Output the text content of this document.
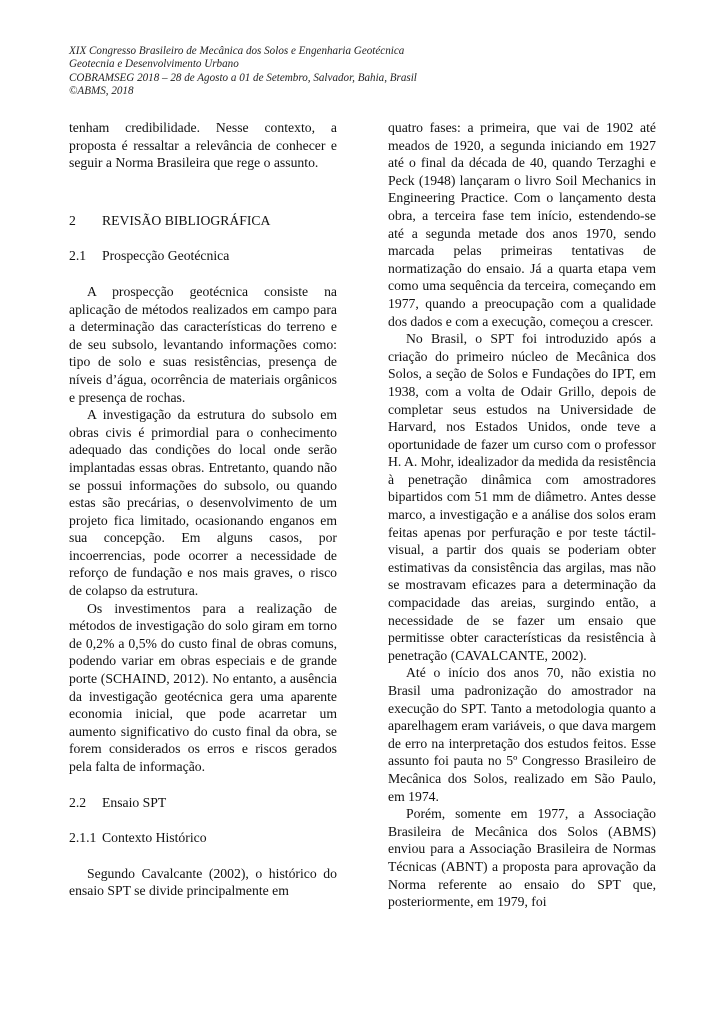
XIX Congresso Brasileiro de Mecânica dos Solos e Engenharia Geotécnica
Geotecnia e Desenvolvimento Urbano
COBRAMSEG 2018 – 28 de Agosto a 01 de Setembro, Salvador, Bahia, Brasil
©ABMS, 2018

tenham credibilidade. Nesse contexto, a proposta é ressaltar a relevância de conhecer e seguir a Norma Brasileira que rege o assunto.

2	REVISÃO BIBLIOGRÁFICA
2.1	Prospecção Geotécnica

A prospecção geotécnica consiste na aplicação de métodos realizados em campo para a determinação das características do terreno e de seu subsolo, levantando informações como: tipo de solo e suas resistências, presença de níveis d’água, ocorrência de materiais orgânicos e presença de rochas.

A investigação da estrutura do subsolo em obras civis é primordial para o conhecimento adequado das condições do local onde serão implantadas essas obras. Entretanto, quando não se possui informações do subsolo, ou quando estas são precárias, o desenvolvimento de um projeto fica limitado, ocasionando enganos em sua concepção. Em alguns casos, por incoerrencias, pode ocorrer a necessidade de reforço de fundação e nos mais graves, o risco de colapso da estrutura.

Os investimentos para a realização de métodos de investigação do solo giram em torno de 0,2% a 0,5% do custo final de obras comuns, podendo variar em obras especiais e de grande porte (SCHAIND, 2012). No entanto, a ausência da investigação geotécnica gera uma aparente economia inicial, que pode acarretar um aumento significativo do custo final da obra, se forem considerados os erros e riscos gerados pela falta de informação.

2.2	Ensaio SPT
2.1.1 Contexto Histórico

Segundo Cavalcante (2002), o histórico do ensaio SPT se divide principalmente em

quatro fases: a primeira, que vai de 1902 até meados de 1920, a segunda iniciando em 1927 até o final da década de 40, quando Terzaghi e Peck (1948) lançaram o livro Soil Mechanics in Engineering Practice. Com o lançamento desta obra, a terceira fase tem início, estendendo-se até a segunda metade dos anos 1970, sendo marcada pelas primeiras tentativas de normatização do ensaio. Já a quarta etapa vem como uma sequência da terceira, começando em 1977, quando a preocupação com a qualidade dos dados e com a execução, começou a crescer.

No Brasil, o SPT foi introduzido após a criação do primeiro núcleo de Mecânica dos Solos, a seção de Solos e Fundações do IPT, em 1938, com a volta de Odair Grillo, depois de completar seus estudos na Universidade de Harvard, nos Estados Unidos, onde teve a oportunidade de fazer um curso com o professor H. A. Mohr, idealizador da medida da resistência à penetração dinâmica com amostradores bipartidos com 51 mm de diâmetro. Antes desse marco, a investigação e a análise dos solos eram feitas apenas por perfuração e por teste táctil-visual, a partir dos quais se poderiam obter estimativas da consistência das argilas, mas não se mostravam eficazes para a determinação da compacidade das areias, surgindo então, a necessidade de se fazer um ensaio que permitisse obter características da resistência à penetração (CAVALCANTE, 2002).

Até o início dos anos 70, não existia no Brasil uma padronização do amostrador na execução do SPT. Tanto a metodologia quanto a aparelhagem eram variáveis, o que dava margem de erro na interpretação dos estudos feitos. Esse assunto foi pauta no 5º Congresso Brasileiro de Mecânica dos Solos, realizado em São Paulo, em 1974.

Porém, somente em 1977, a Associação Brasileira de Mecânica dos Solos (ABMS) enviou para a Associação Brasileira de Normas Técnicas (ABNT) a proposta para aprovação da Norma referente ao ensaio do SPT que, posteriormente, em 1979, foi
